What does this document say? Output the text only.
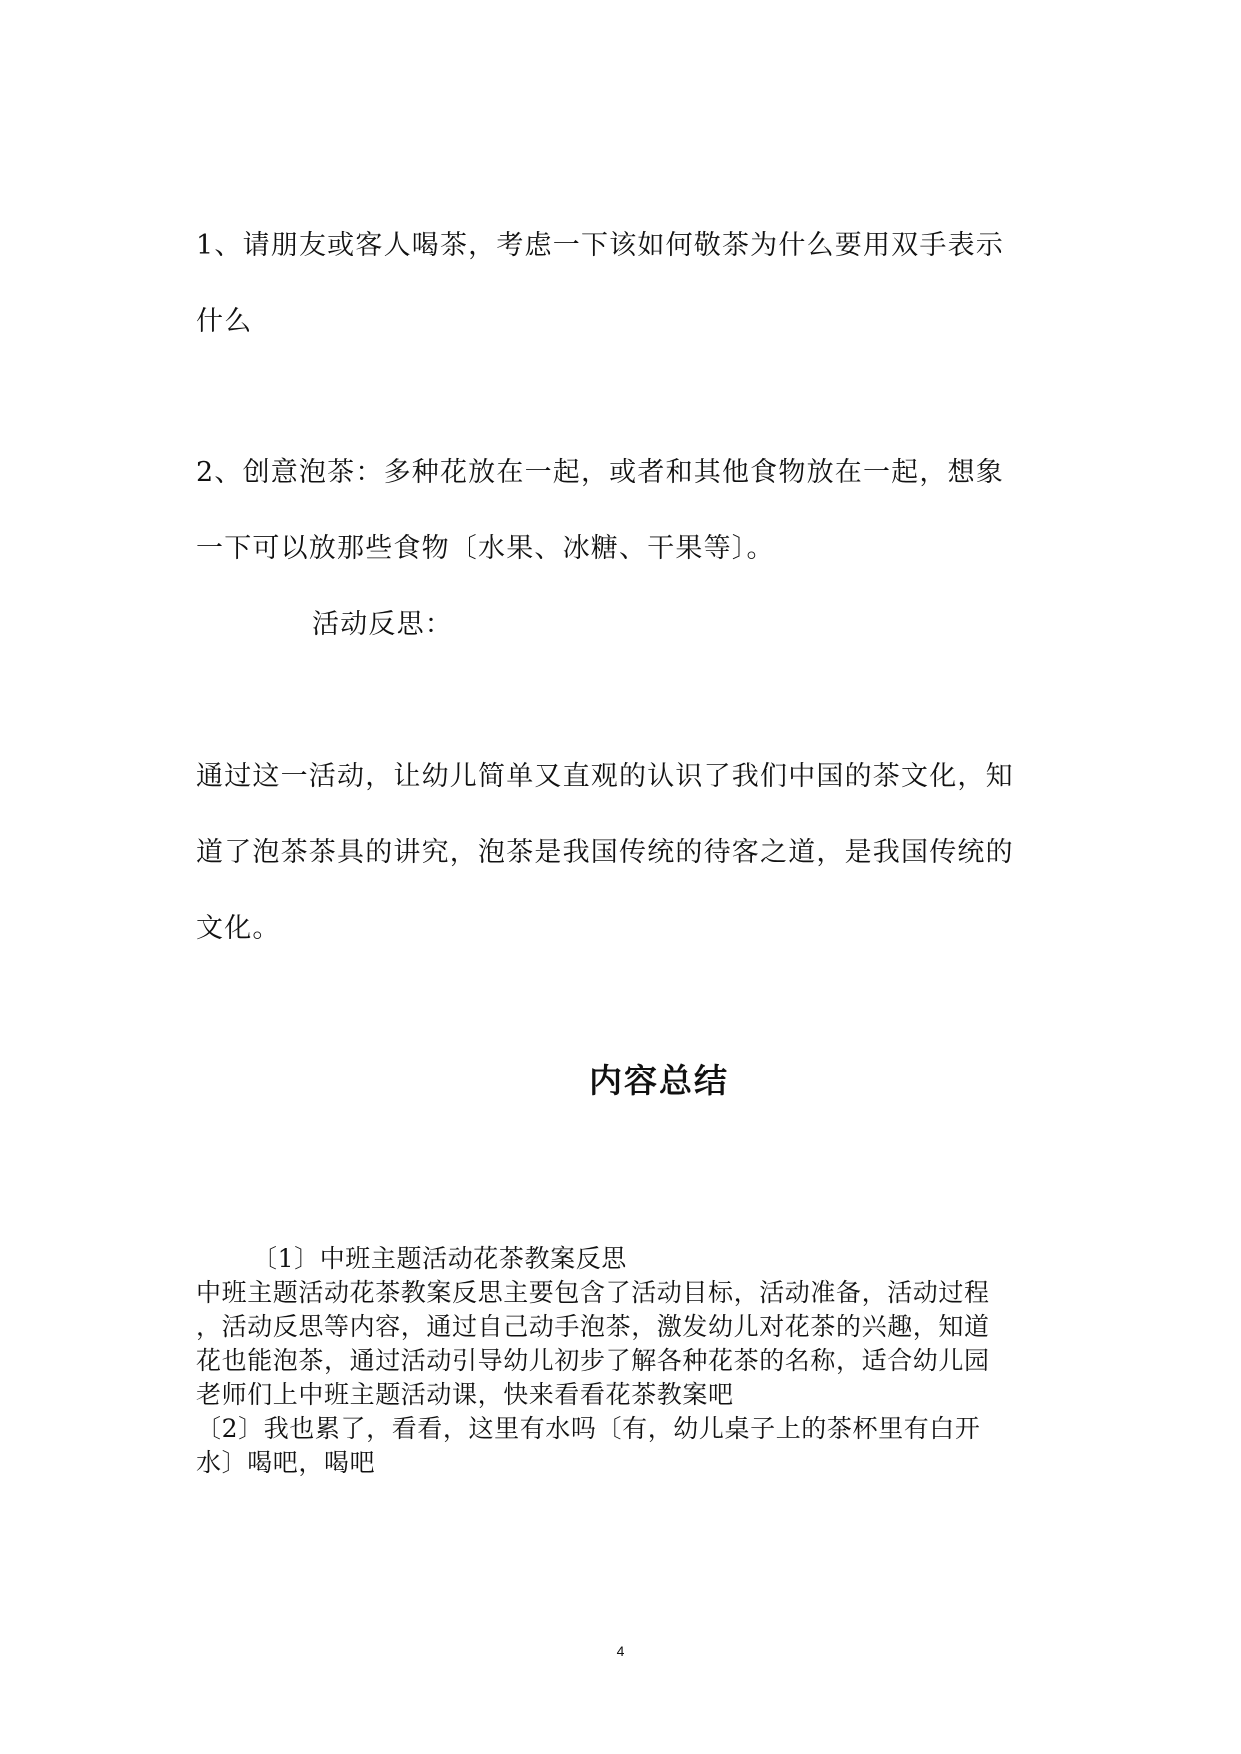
1、请朋友或客人喝茶，考虑一下该如何敬茶为什么要用双手表示
什么
2、创意泡茶：多种花放在一起，或者和其他食物放在一起，想象
一下可以放那些食物〔水果、冰糖、干果等〕。
活动反思：
通过这一活动，让幼儿简单又直观的认识了我们中国的茶文化，知
道了泡茶茶具的讲究，泡茶是我国传统的待客之道，是我国传统的
文化。
内容总结
〔1〕中班主题活动花茶教案反思
中班主题活动花茶教案反思主要包含了活动目标，活动准备，活动过程
，活动反思等内容，通过自己动手泡茶，激发幼儿对花茶的兴趣，知道
花也能泡茶，通过活动引导幼儿初步了解各种花茶的名称，适合幼儿园
老师们上中班主题活动课，快来看看花茶教案吧
〔2〕我也累了，看看，这里有水吗〔有，幼儿桌子上的茶杯里有白开
水〕喝吧，喝吧
4
